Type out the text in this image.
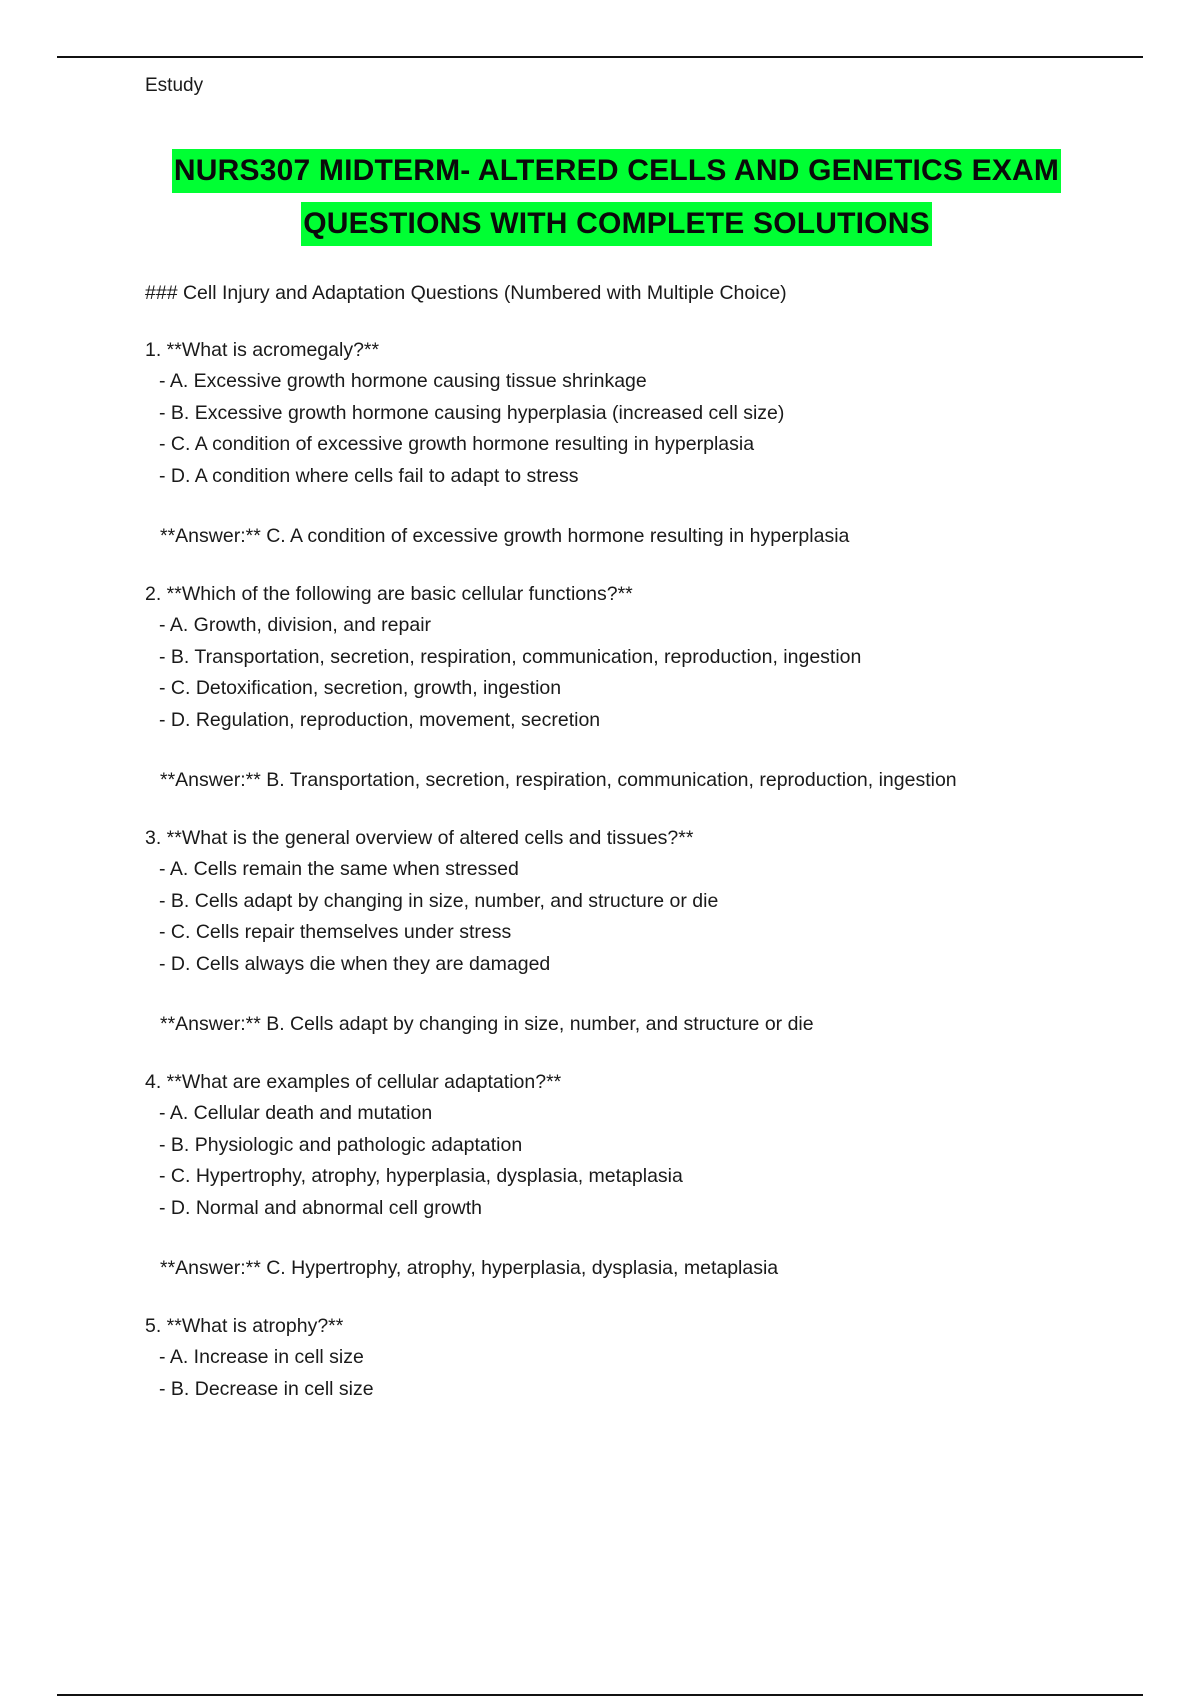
Estudy
NURS307 MIDTERM- ALTERED CELLS AND GENETICS EXAM
QUESTIONS WITH COMPLETE SOLUTIONS
### Cell Injury and Adaptation Questions (Numbered with Multiple Choice)
1. **What is acromegaly?**
- A. Excessive growth hormone causing tissue shrinkage
- B. Excessive growth hormone causing hyperplasia (increased cell size)
- C. A condition of excessive growth hormone resulting in hyperplasia
- D. A condition where cells fail to adapt to stress
**Answer:** C. A condition of excessive growth hormone resulting in hyperplasia
2. **Which of the following are basic cellular functions?**
- A. Growth, division, and repair
- B. Transportation, secretion, respiration, communication, reproduction, ingestion
- C. Detoxification, secretion, growth, ingestion
- D. Regulation, reproduction, movement, secretion
**Answer:** B. Transportation, secretion, respiration, communication, reproduction, ingestion
3. **What is the general overview of altered cells and tissues?**
- A. Cells remain the same when stressed
- B. Cells adapt by changing in size, number, and structure or die
- C. Cells repair themselves under stress
- D. Cells always die when they are damaged
**Answer:** B. Cells adapt by changing in size, number, and structure or die
4. **What are examples of cellular adaptation?**
- A. Cellular death and mutation
- B. Physiologic and pathologic adaptation
- C. Hypertrophy, atrophy, hyperplasia, dysplasia, metaplasia
- D. Normal and abnormal cell growth
**Answer:** C. Hypertrophy, atrophy, hyperplasia, dysplasia, metaplasia
5. **What is atrophy?**
- A. Increase in cell size
- B. Decrease in cell size
